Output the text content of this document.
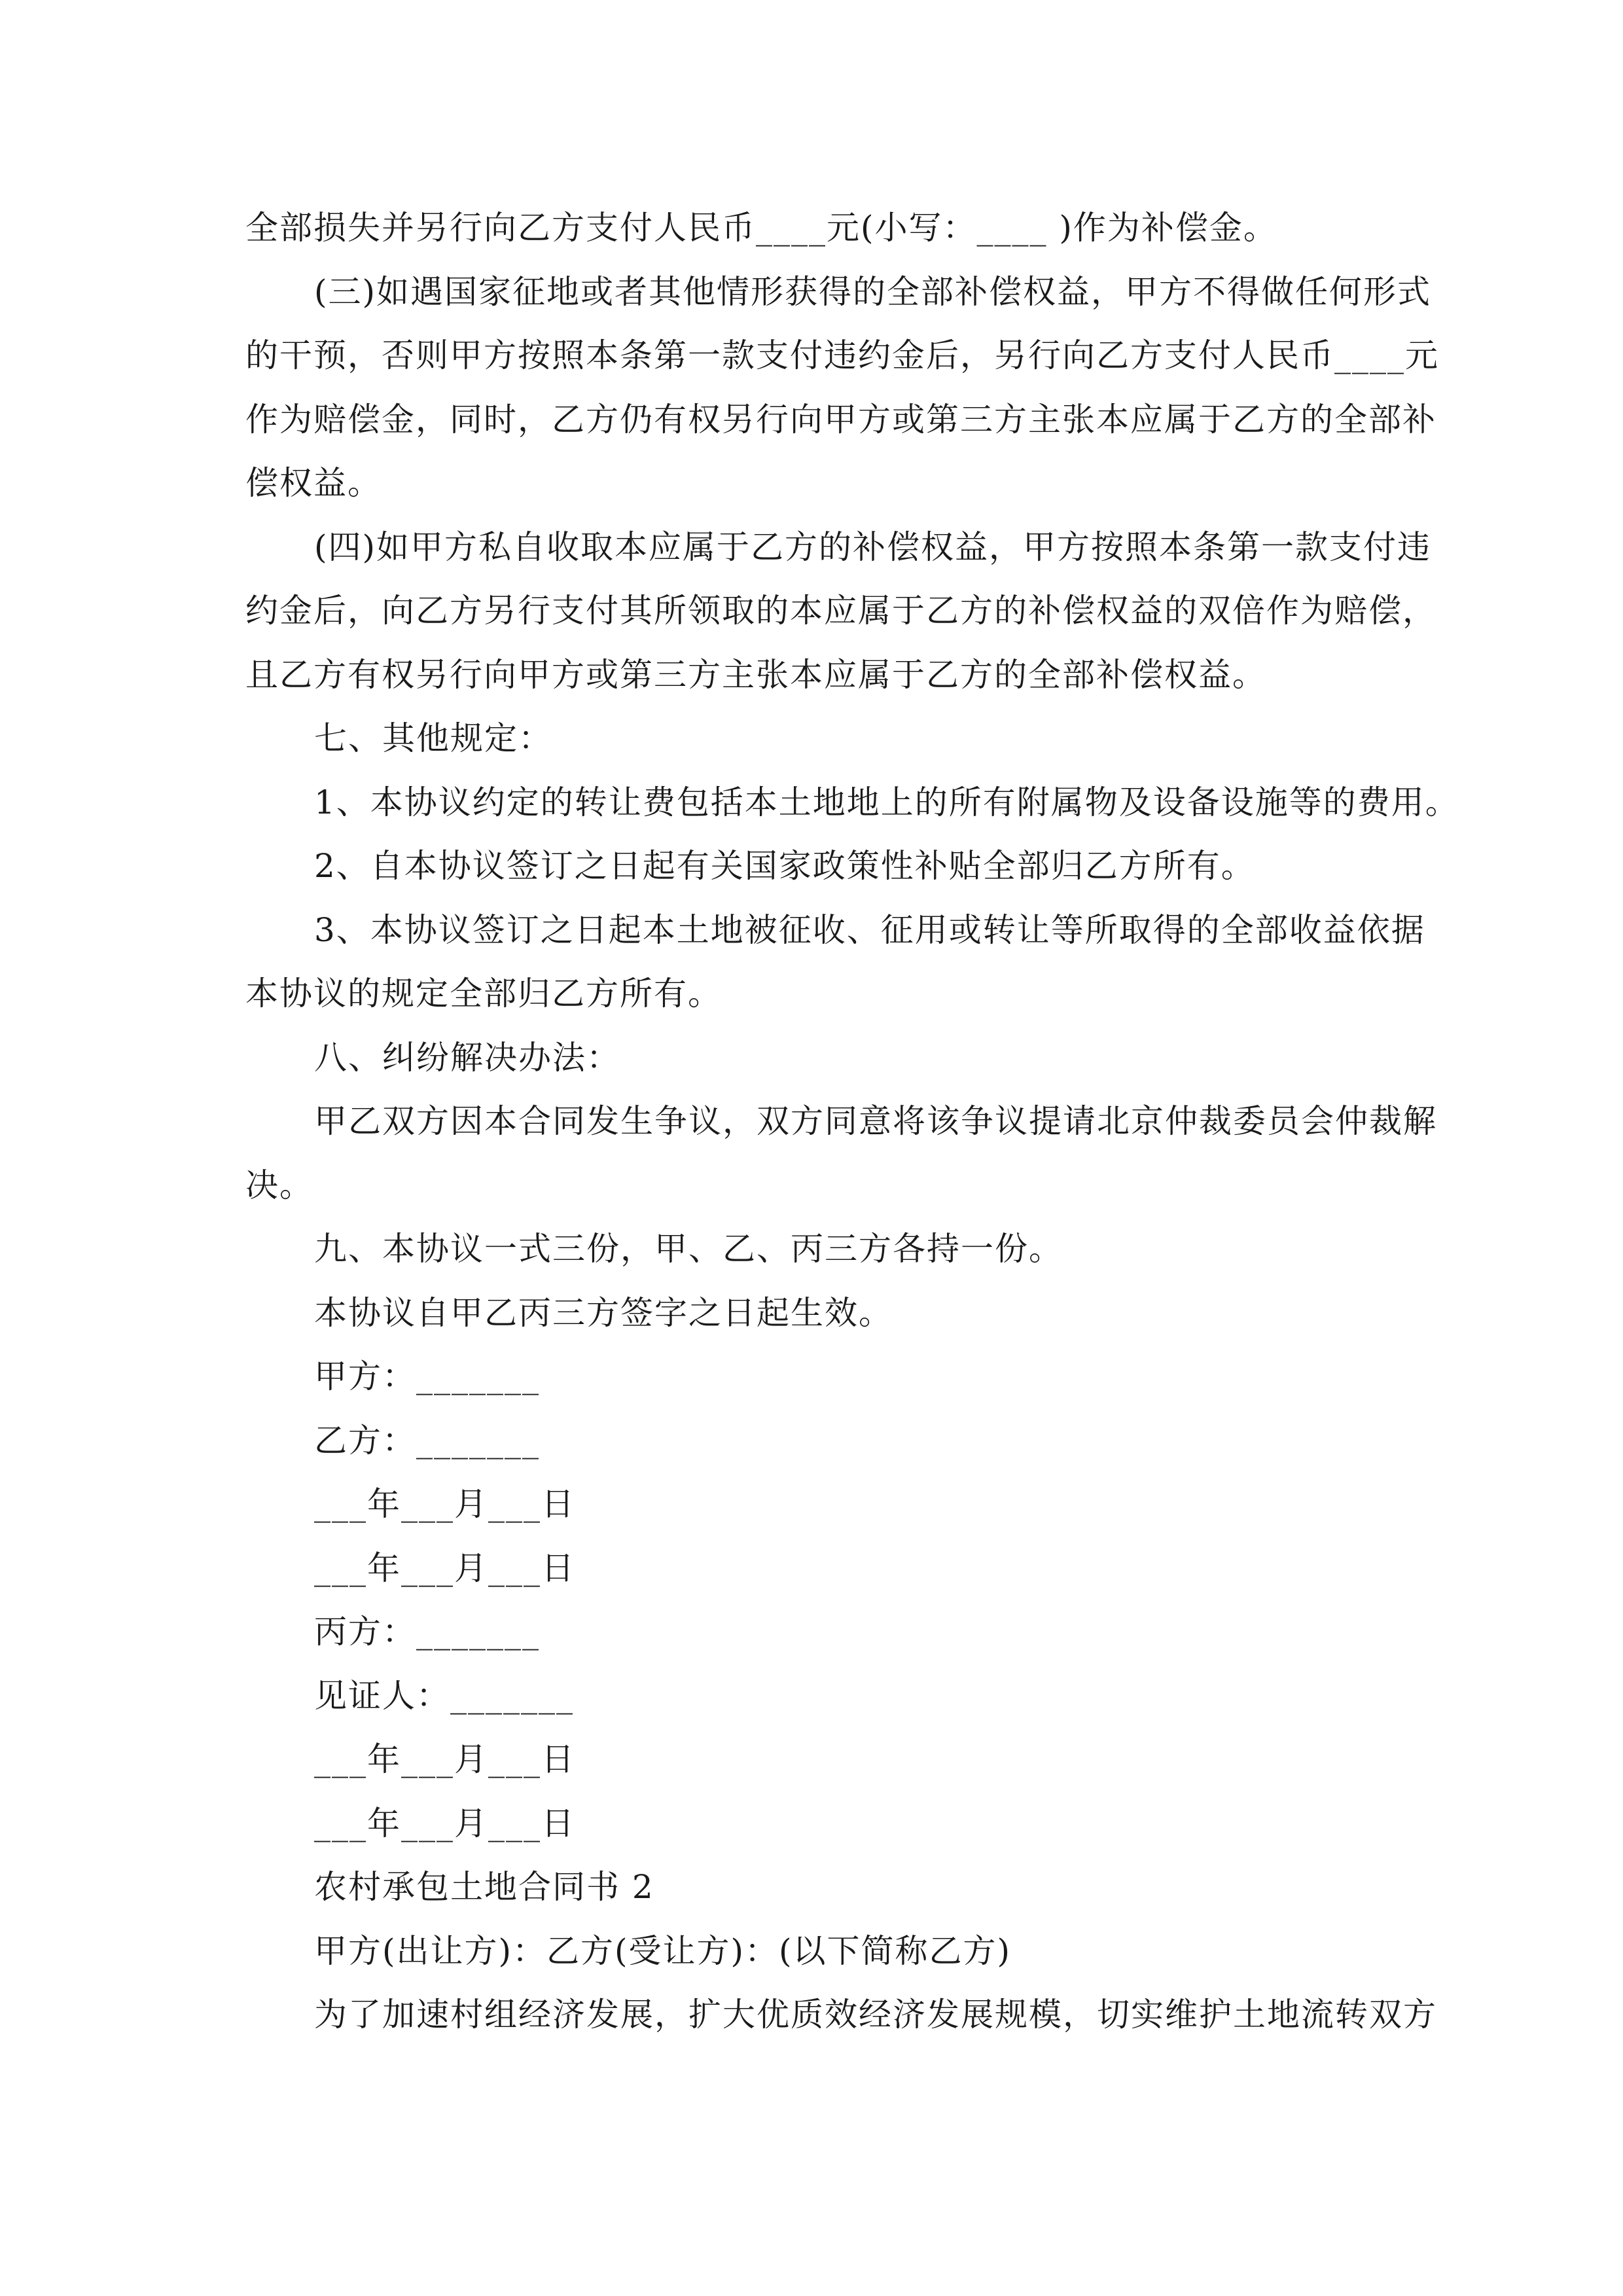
全部损失并另行向乙方支付人民币____元(小写：____ )作为补偿金。
(三)如遇国家征地或者其他情形获得的全部补偿权益，甲方不得做任何形式
的干预，否则甲方按照本条第一款支付违约金后，另行向乙方支付人民币____元
作为赔偿金，同时，乙方仍有权另行向甲方或第三方主张本应属于乙方的全部补
偿权益。
(四)如甲方私自收取本应属于乙方的补偿权益，甲方按照本条第一款支付违
约金后，向乙方另行支付其所领取的本应属于乙方的补偿权益的双倍作为赔偿，
且乙方有权另行向甲方或第三方主张本应属于乙方的全部补偿权益。
七、其他规定：
1、本协议约定的转让费包括本土地地上的所有附属物及设备设施等的费用。
2、自本协议签订之日起有关国家政策性补贴全部归乙方所有。
3、本协议签订之日起本土地被征收、征用或转让等所取得的全部收益依据
本协议的规定全部归乙方所有。
八、纠纷解决办法：
甲乙双方因本合同发生争议，双方同意将该争议提请北京仲裁委员会仲裁解
决。
九、本协议一式三份，甲、乙、丙三方各持一份。
本协议自甲乙丙三方签字之日起生效。
甲方：_______
乙方：_______
___年___月___日
___年___月___日
丙方：_______
见证人：_______
___年___月___日
___年___月___日
农村承包土地合同书 2
甲方(出让方)：乙方(受让方)：(以下简称乙方)
为了加速村组经济发展，扩大优质效经济发展规模，切实维护土地流转双方
